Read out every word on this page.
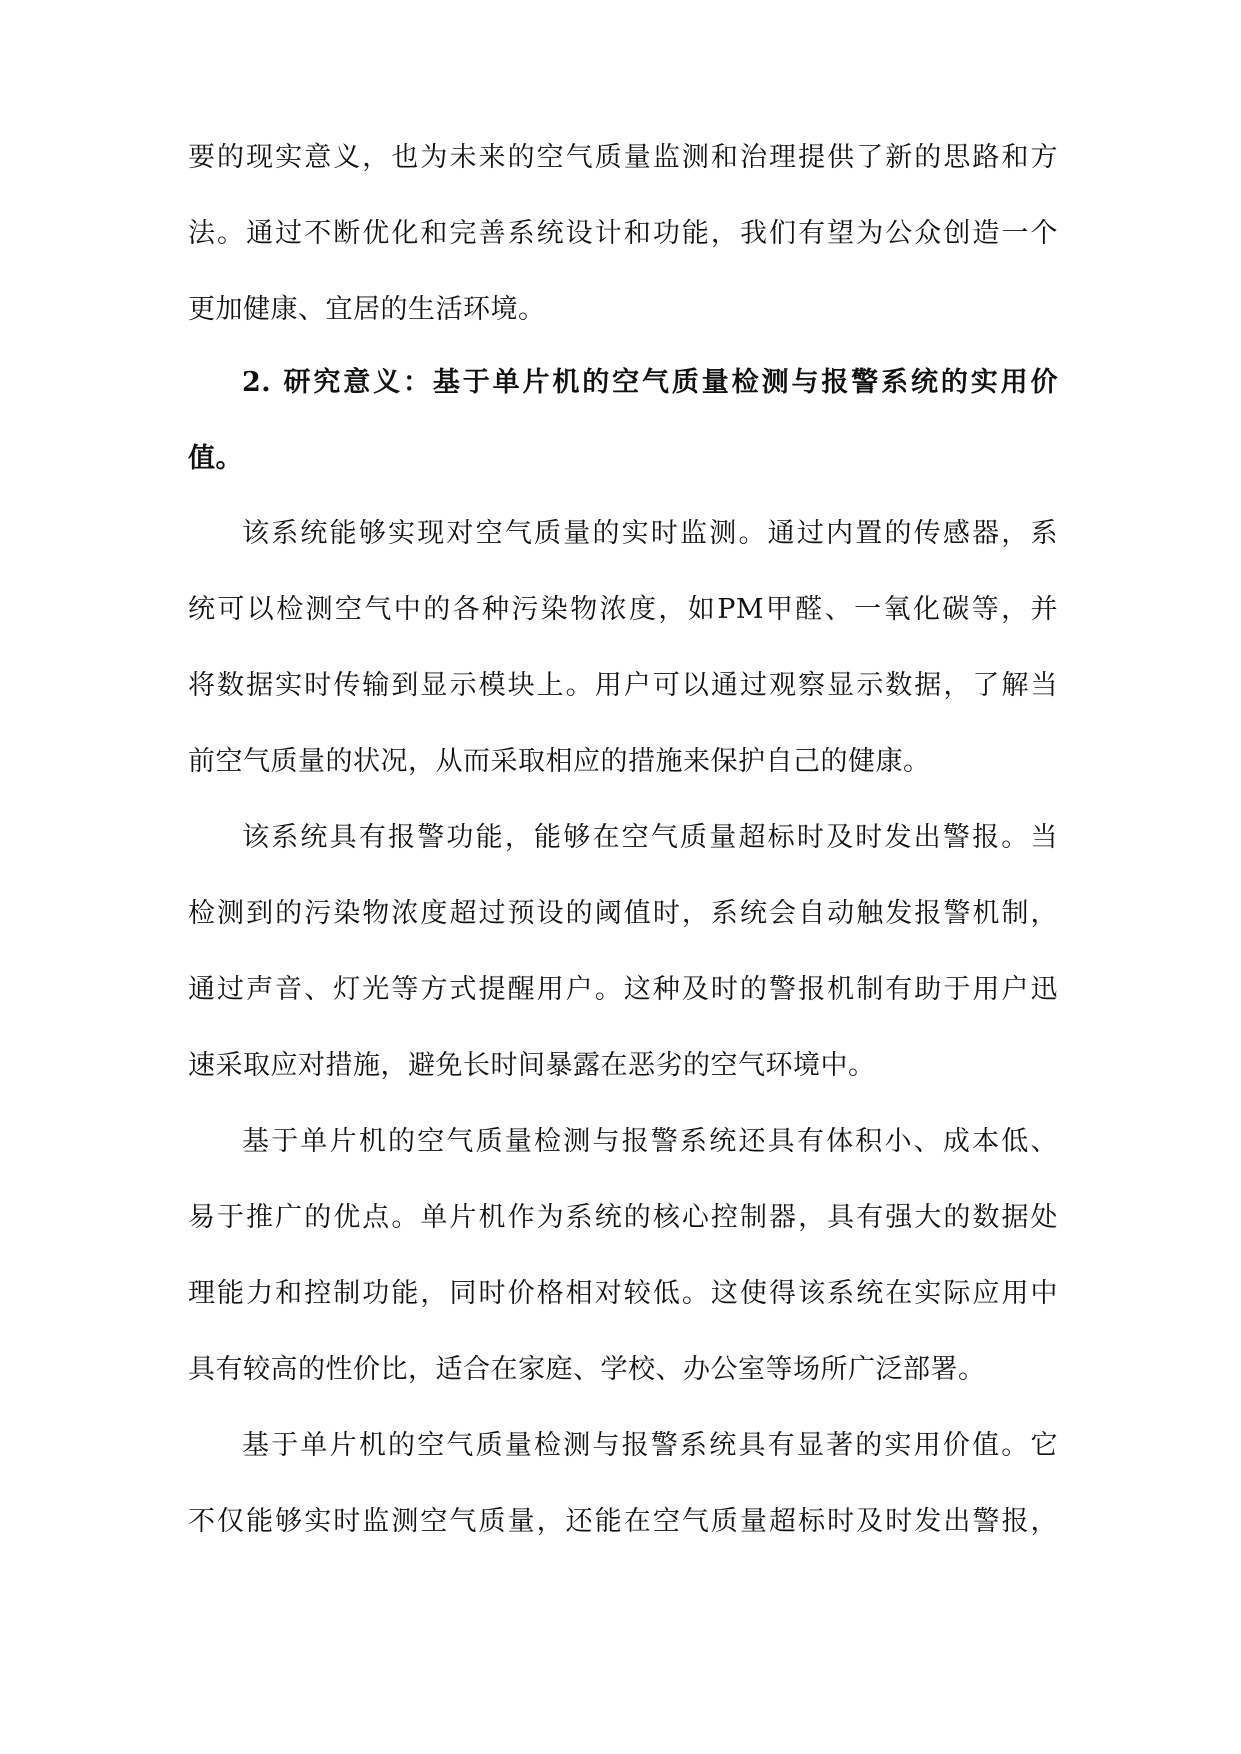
要的现实意义，也为未来的空气质量监测和治理提供了新的思路和方
法。通过不断优化和完善系统设计和功能，我们有望为公众创造一个
更加健康、宜居的生活环境。
2. 研究意义：基于单片机的空气质量检测与报警系统的实用价
值。
该系统能够实现对空气质量的实时监测。通过内置的传感器，系
统可以检测空气中的各种污染物浓度，如PM甲醛、一氧化碳等，并
将数据实时传输到显示模块上。用户可以通过观察显示数据，了解当
前空气质量的状况，从而采取相应的措施来保护自己的健康。
该系统具有报警功能，能够在空气质量超标时及时发出警报。当
检测到的污染物浓度超过预设的阈值时，系统会自动触发报警机制，
通过声音、灯光等方式提醒用户。这种及时的警报机制有助于用户迅
速采取应对措施，避免长时间暴露在恶劣的空气环境中。
基于单片机的空气质量检测与报警系统还具有体积小、成本低、
易于推广的优点。单片机作为系统的核心控制器，具有强大的数据处
理能力和控制功能，同时价格相对较低。这使得该系统在实际应用中
具有较高的性价比，适合在家庭、学校、办公室等场所广泛部署。
基于单片机的空气质量检测与报警系统具有显著的实用价值。它
不仅能够实时监测空气质量，还能在空气质量超标时及时发出警报，
